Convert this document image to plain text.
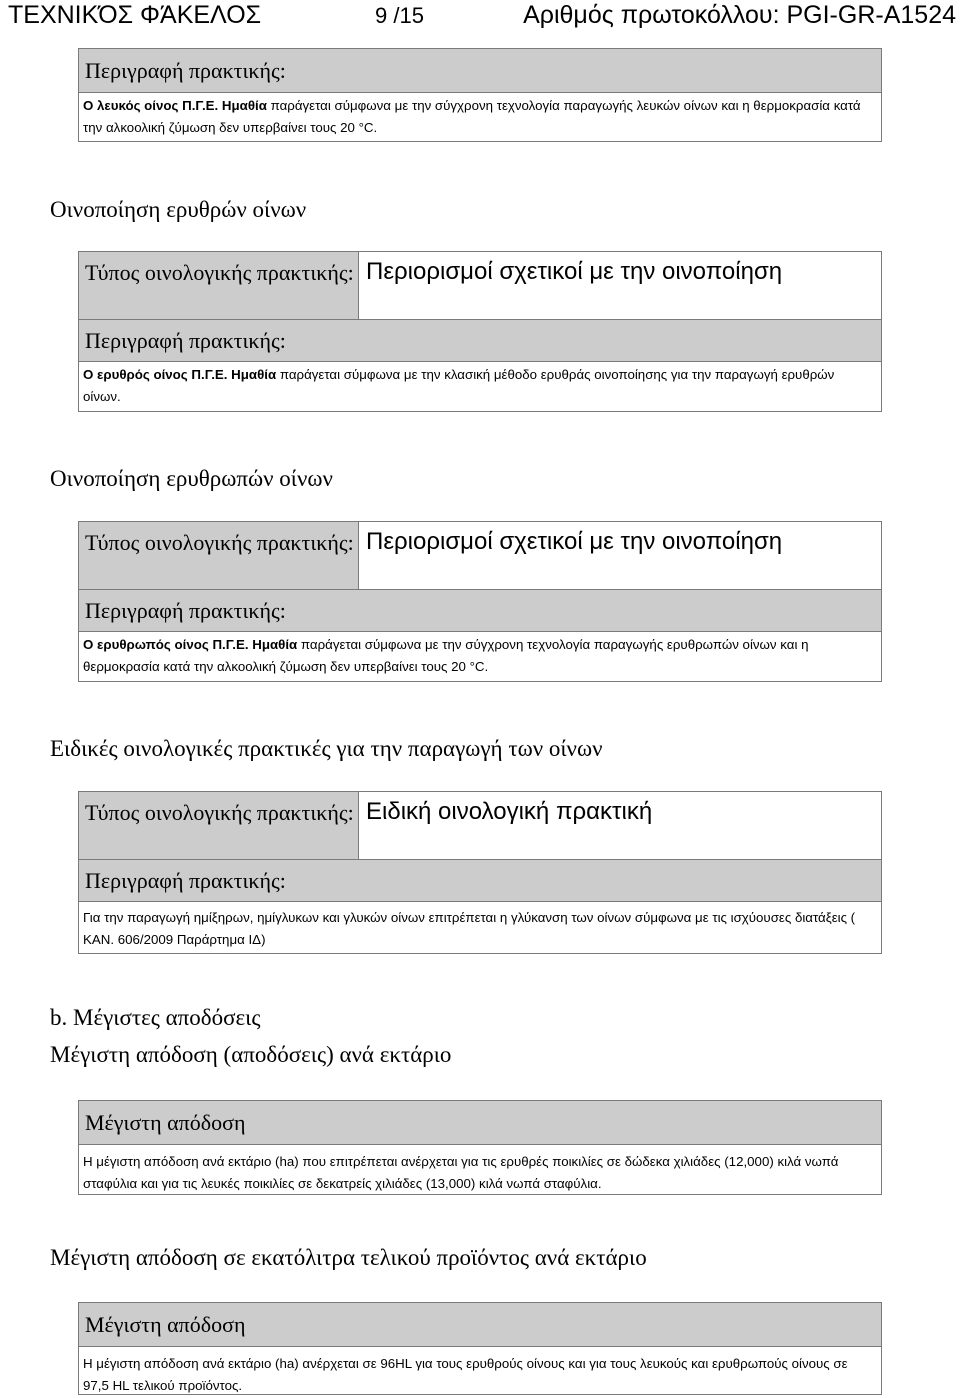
ΤΕΧΝΙΚΌΣ ΦΆΚΕΛΟΣ	9 /15	Αριθμός πρωτοκόλλου: PGI-GR-A1524
Περιγραφή πρακτικής:
Ο λευκός οίνος Π.Γ.Ε. Ημαθία παράγεται σύμφωνα με την σύγχρονη τεχνολογία παραγωγής λευκών οίνων και η θερμοκρασία κατά την αλκοολική ζύμωση δεν υπερβαίνει τους 20 °C.
Οινοποίηση ερυθρών οίνων
Τύπος οινολογικής πρακτικής: Περιορισμοί σχετικοί με την οινοποίηση
Περιγραφή πρακτικής:
Ο ερυθρός οίνος Π.Γ.Ε. Ημαθία παράγεται σύμφωνα με την κλασική μέθοδο ερυθράς οινοποίησης για την παραγωγή ερυθρών οίνων.
Οινοποίηση ερυθρωπών οίνων
Τύπος οινολογικής πρακτικής: Περιορισμοί σχετικοί με την οινοποίηση
Περιγραφή πρακτικής:
Ο ερυθρωπός οίνος Π.Γ.Ε. Ημαθία παράγεται σύμφωνα με την σύγχρονη τεχνολογία παραγωγής ερυθρωπών οίνων και η θερμοκρασία κατά την αλκοολική ζύμωση δεν υπερβαίνει τους 20 °C.
Ειδικές οινολογικές πρακτικές για την παραγωγή των οίνων
Τύπος οινολογικής πρακτικής: Ειδική οινολογική πρακτική
Περιγραφή πρακτικής:
Για την παραγωγή ημίξηρων, ημίγλυκων και γλυκών οίνων επιτρέπεται η γλύκανση των οίνων σύμφωνα με τις ισχύουσες διατάξεις ( ΚΑΝ. 606/2009 Παράρτημα ΙΔ)
b. Μέγιστες αποδόσεις
Μέγιστη απόδοση (αποδόσεις) ανά εκτάριο
Μέγιστη απόδοση
Η μέγιστη απόδοση ανά εκτάριο (ha) που επιτρέπεται ανέρχεται για τις ερυθρές ποικιλίες σε δώδεκα χιλιάδες (12,000) κιλά νωπά σταφύλια και για τις λευκές ποικιλίες σε δεκατρείς χιλιάδες (13,000) κιλά νωπά σταφύλια.
Μέγιστη απόδοση σε εκατόλιτρα τελικού προϊόντος ανά εκτάριο
Μέγιστη απόδοση
Η μέγιστη απόδοση ανά εκτάριο (ha) ανέρχεται σε 96HL για τους ερυθρούς οίνους και για τους λευκούς και ερυθρωπούς οίνους σε 97,5 HL τελικού προϊόντος.
